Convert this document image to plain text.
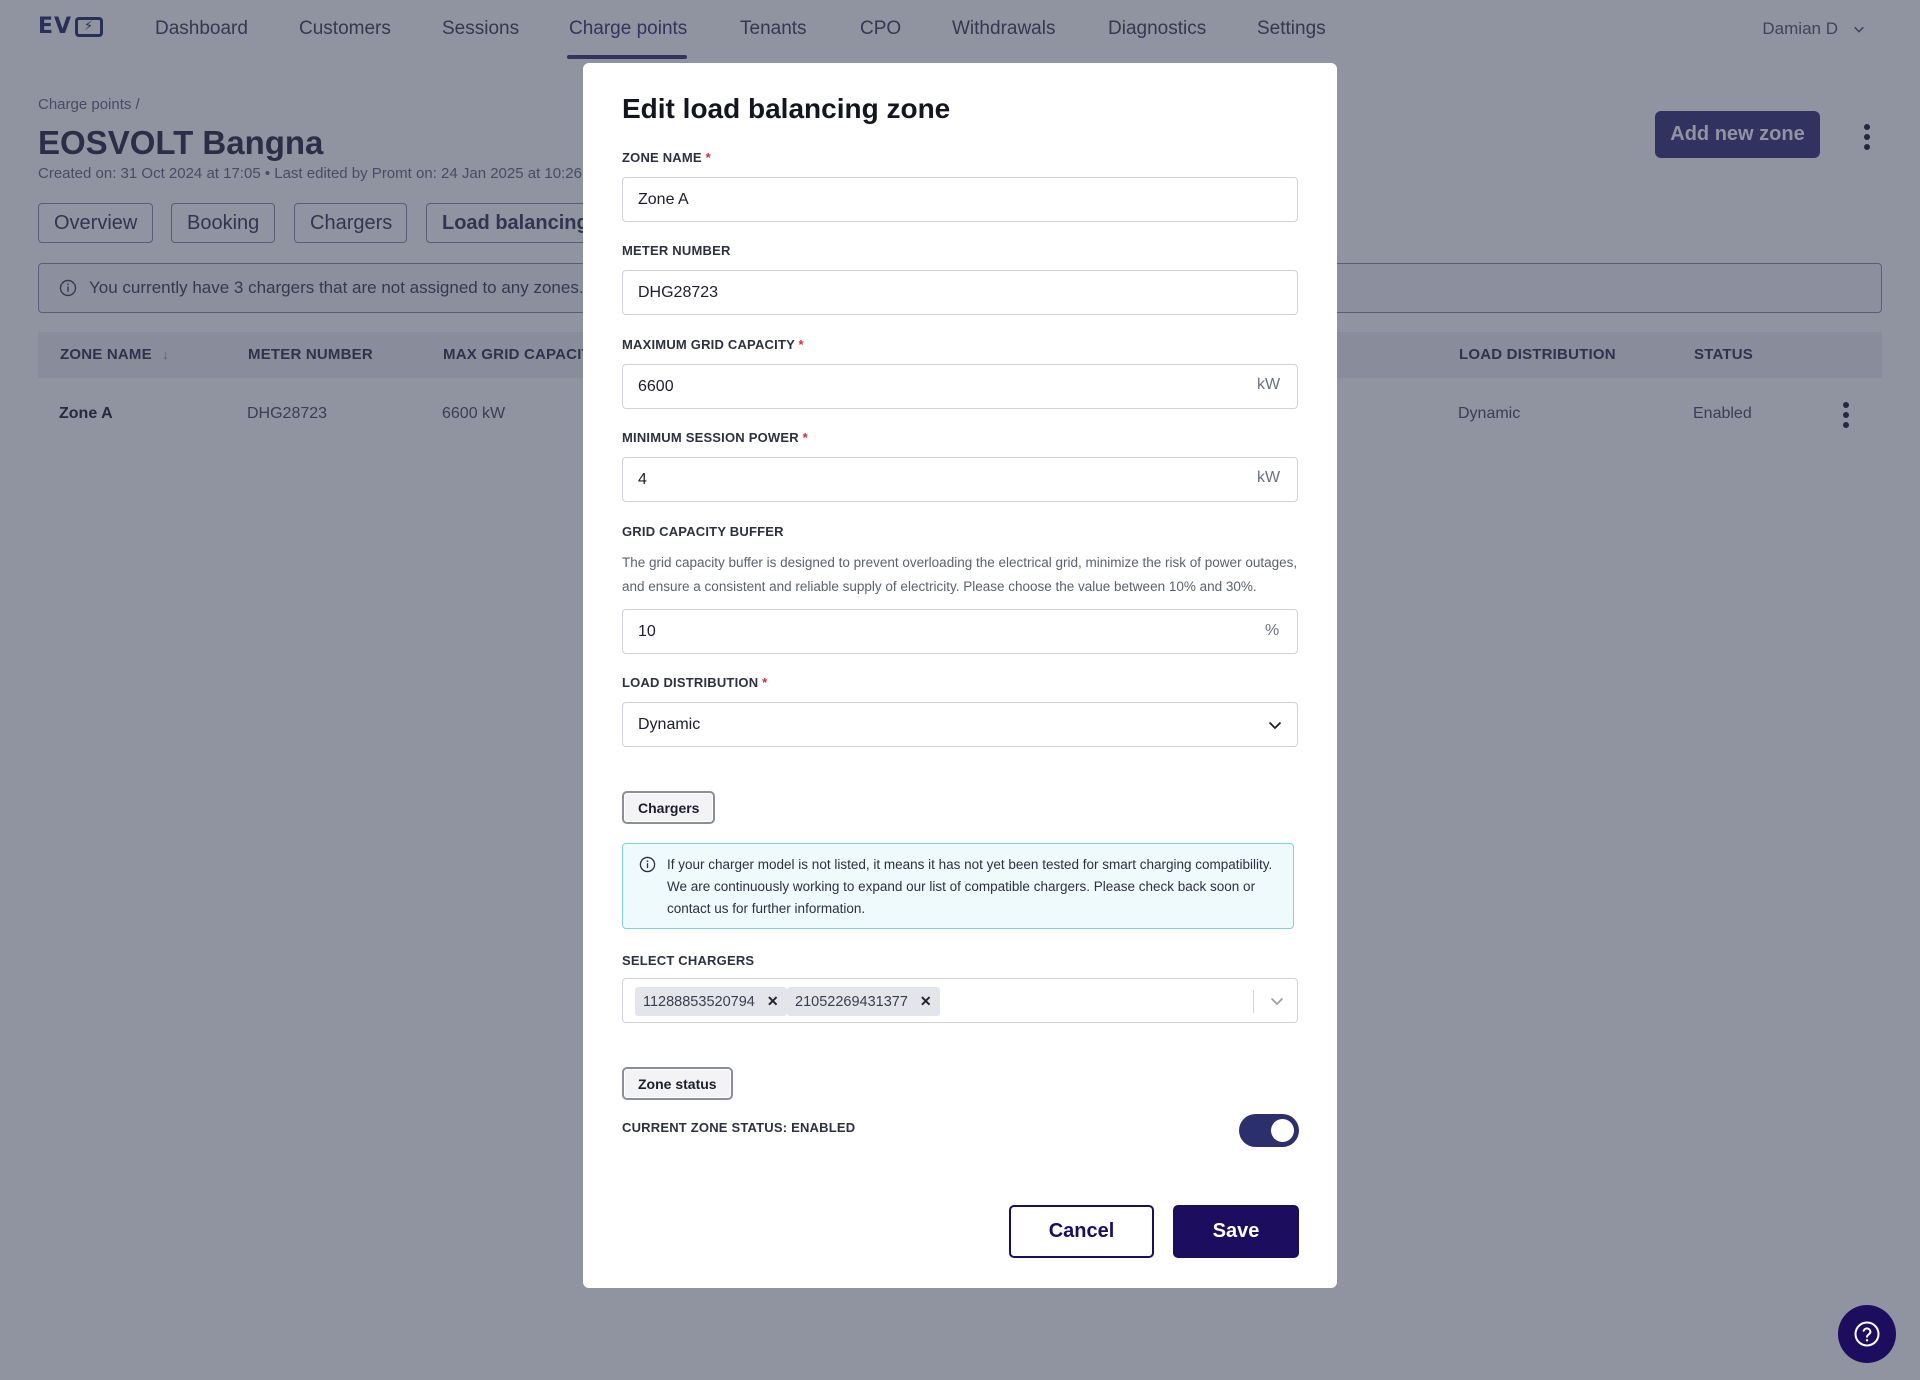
Edit load balancing zone
ZONE NAME *
Zone A
METER NUMBER
DHG28723
MAXIMUM GRID CAPACITY *
6600
kW
MINIMUM SESSION POWER *
4
kW
GRID CAPACITY BUFFER
The grid capacity buffer is designed to prevent overloading the electrical grid, minimize the risk of power outages, and ensure a consistent and reliable supply of electricity. Please choose the value between 10% and 30%.
10
%
LOAD DISTRIBUTION *
Dynamic
Chargers
If your charger model is not listed, it means it has not yet been tested for smart charging compatibility. We are continuously working to expand our list of compatible chargers. Please check back soon or contact us for further information.
SELECT CHARGERS
11288853520794 ✕ 21052269431377 ✕
Zone status
CURRENT ZONE STATUS: ENABLED
Cancel	Save
